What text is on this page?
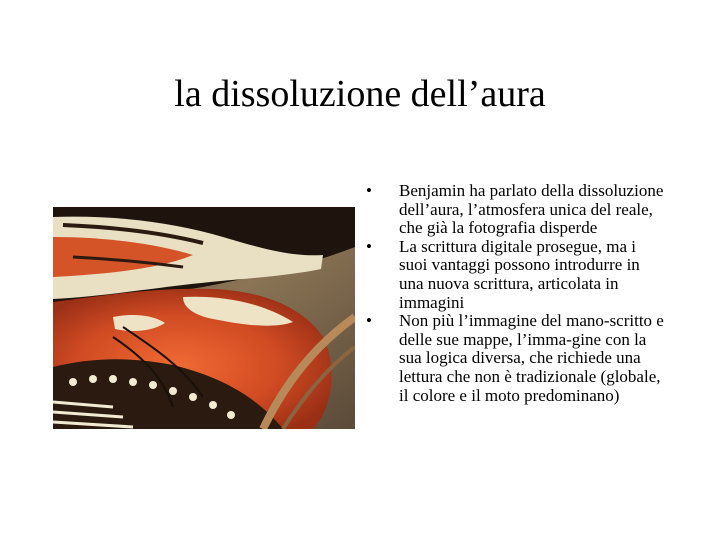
la dissoluzione dell’aura
•	Benjamin ha parlato della dissoluzione dell’aura, l’atmosfera unica del reale, che già la fotografia disperde
•	La scrittura digitale prosegue, ma i suoi vantaggi possono introdurre in una nuova scrittura, articolata in immagini
•	Non più l’immagine del mano-scritto e delle sue mappe, l’imma-gine con la sua logica diversa, che richiede una lettura che non è tradizionale (globale, il colore e il moto predominano)
